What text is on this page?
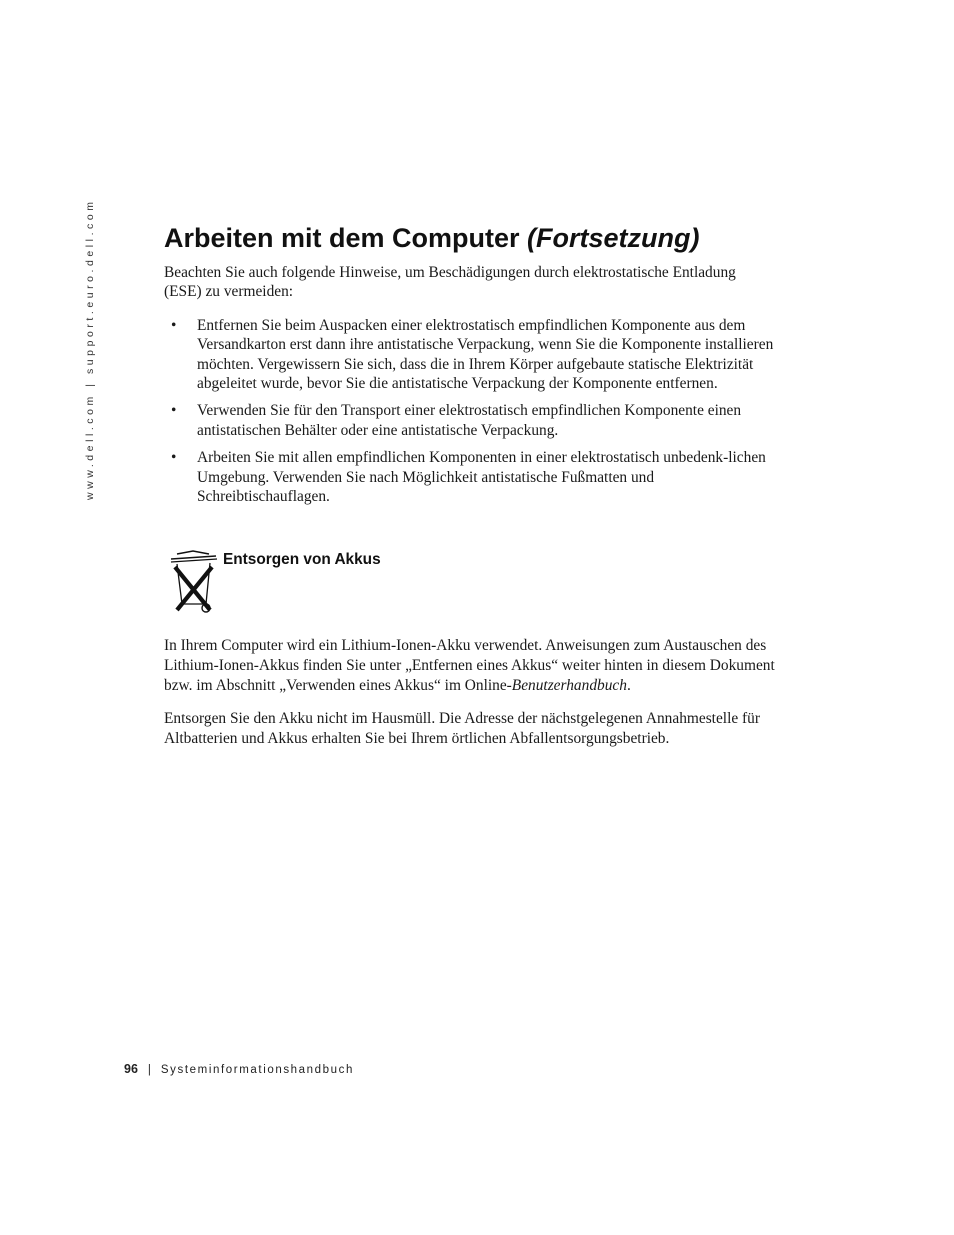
www.dell.com | support.euro.dell.com	Arbeiten mit dem Computer (Fortsetzung)

Beachten Sie auch folgende Hinweise, um Beschädigungen durch elektrostatische Entladung (ESE) zu vermeiden:

• Entfernen Sie beim Auspacken einer elektrostatisch empfindlichen Komponente aus dem Versandkarton erst dann ihre antistatische Verpackung, wenn Sie die Komponente installieren möchten. Vergewissern Sie sich, dass die in Ihrem Körper aufgebaute statische Elektrizität abgeleitet wurde, bevor Sie die antistatische Verpackung der Komponente entfernen.
• Verwenden Sie für den Transport einer elektrostatisch empfindlichen Komponente einen antistatischen Behälter oder eine antistatische Verpackung.
• Arbeiten Sie mit allen empfindlichen Komponenten in einer elektrostatisch unbedenk-lichen Umgebung. Verwenden Sie nach Möglichkeit antistatische Fußmatten und Schreibtischauflagen.
Entsorgen von Akkus

In Ihrem Computer wird ein Lithium-Ionen-Akku verwendet. Anweisungen zum Austauschen des Lithium-Ionen-Akkus finden Sie unter „Entfernen eines Akkus“ weiter hinten in diesem Dokument bzw. im Abschnitt „Verwenden eines Akkus“ im Online-Benutzerhandbuch.

Entsorgen Sie den Akku nicht im Hausmüll. Die Adresse der nächstgelegenen Annahmestelle für Altbatterien und Akkus erhalten Sie bei Ihrem örtlichen Abfallentsorgungsbetrieb.

96 | Systeminformationshandbuch
